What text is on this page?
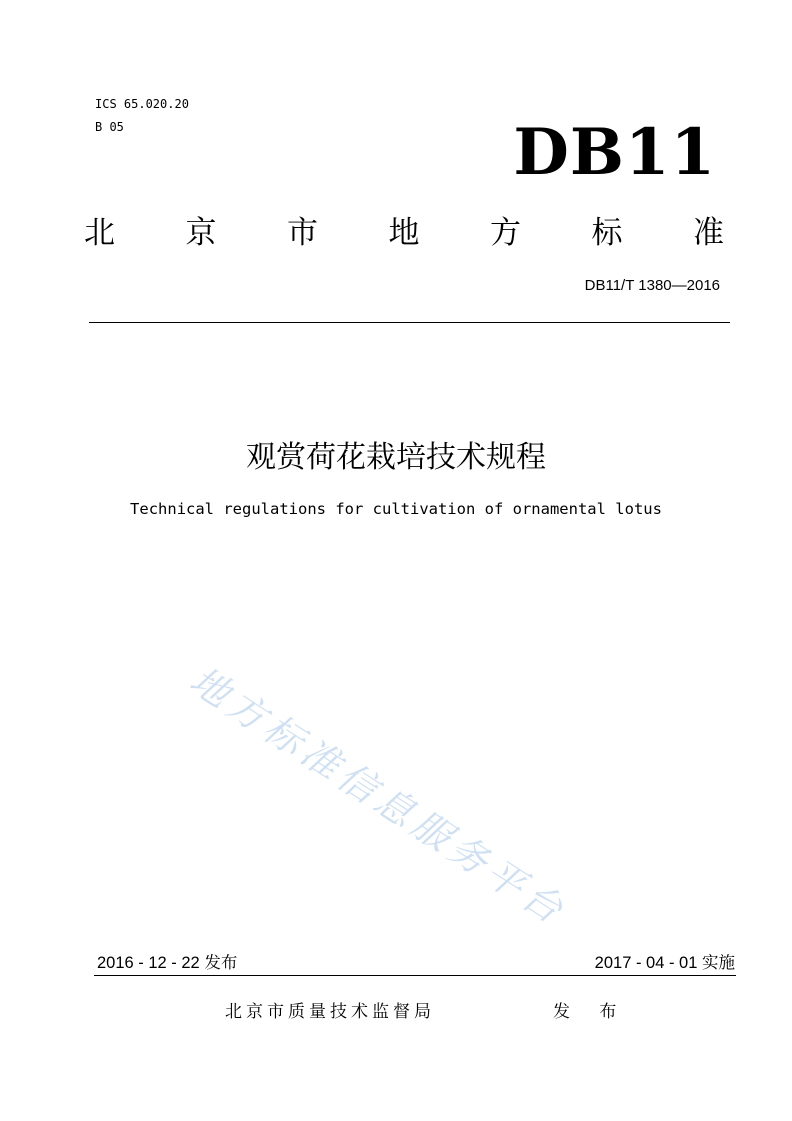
ICS 65.020.20
B 05	DB11
北 京 市 地 方 标 准
DB11/T 1380—2016
观赏荷花栽培技术规程
Technical regulations for cultivation of ornamental lotus
地方标准信息服务平台
2016 - 12 - 22 发布	2017 - 04 - 01 实施
北京市质量技术监督局	发 布
